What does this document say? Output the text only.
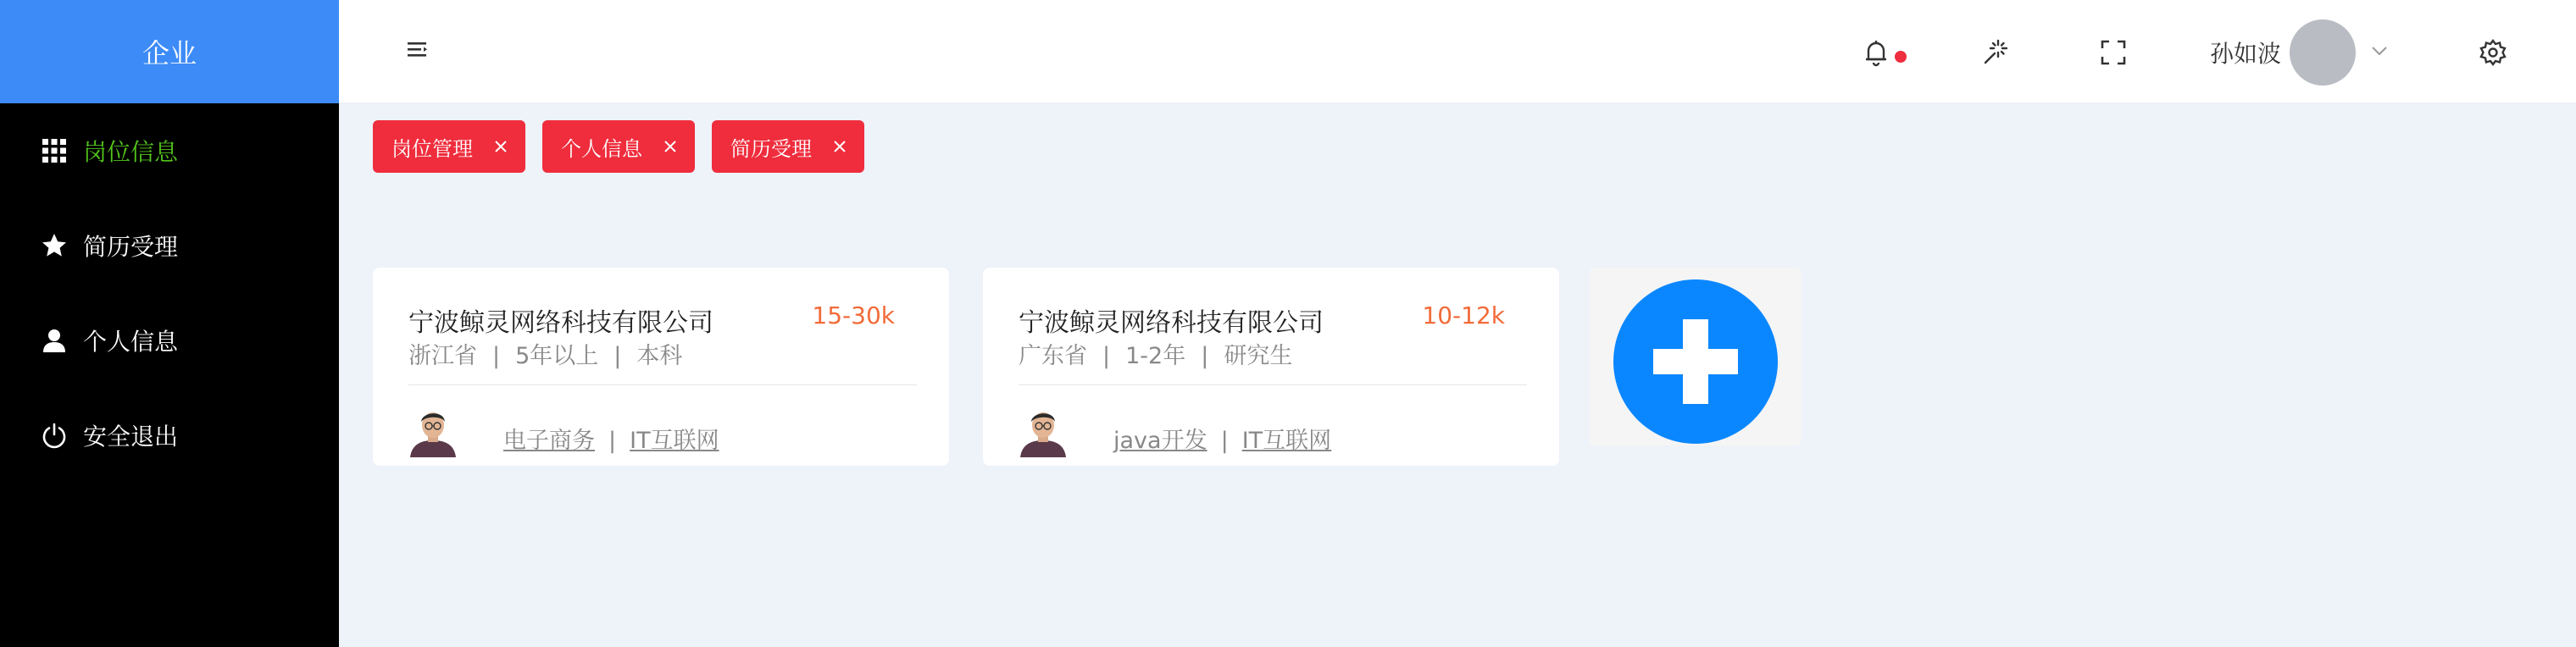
企业
岗位信息
简历受理
个人信息
安全退出
孙如波
岗位管理	个人信息	简历受理
宁波鲸灵网络科技有限公司	15-30k
浙江省 | 5年以上 | 本科
电子商务 | IT互联网
宁波鲸灵网络科技有限公司	10-12k
广东省 | 1-2年 | 研究生
java开发 | IT互联网
